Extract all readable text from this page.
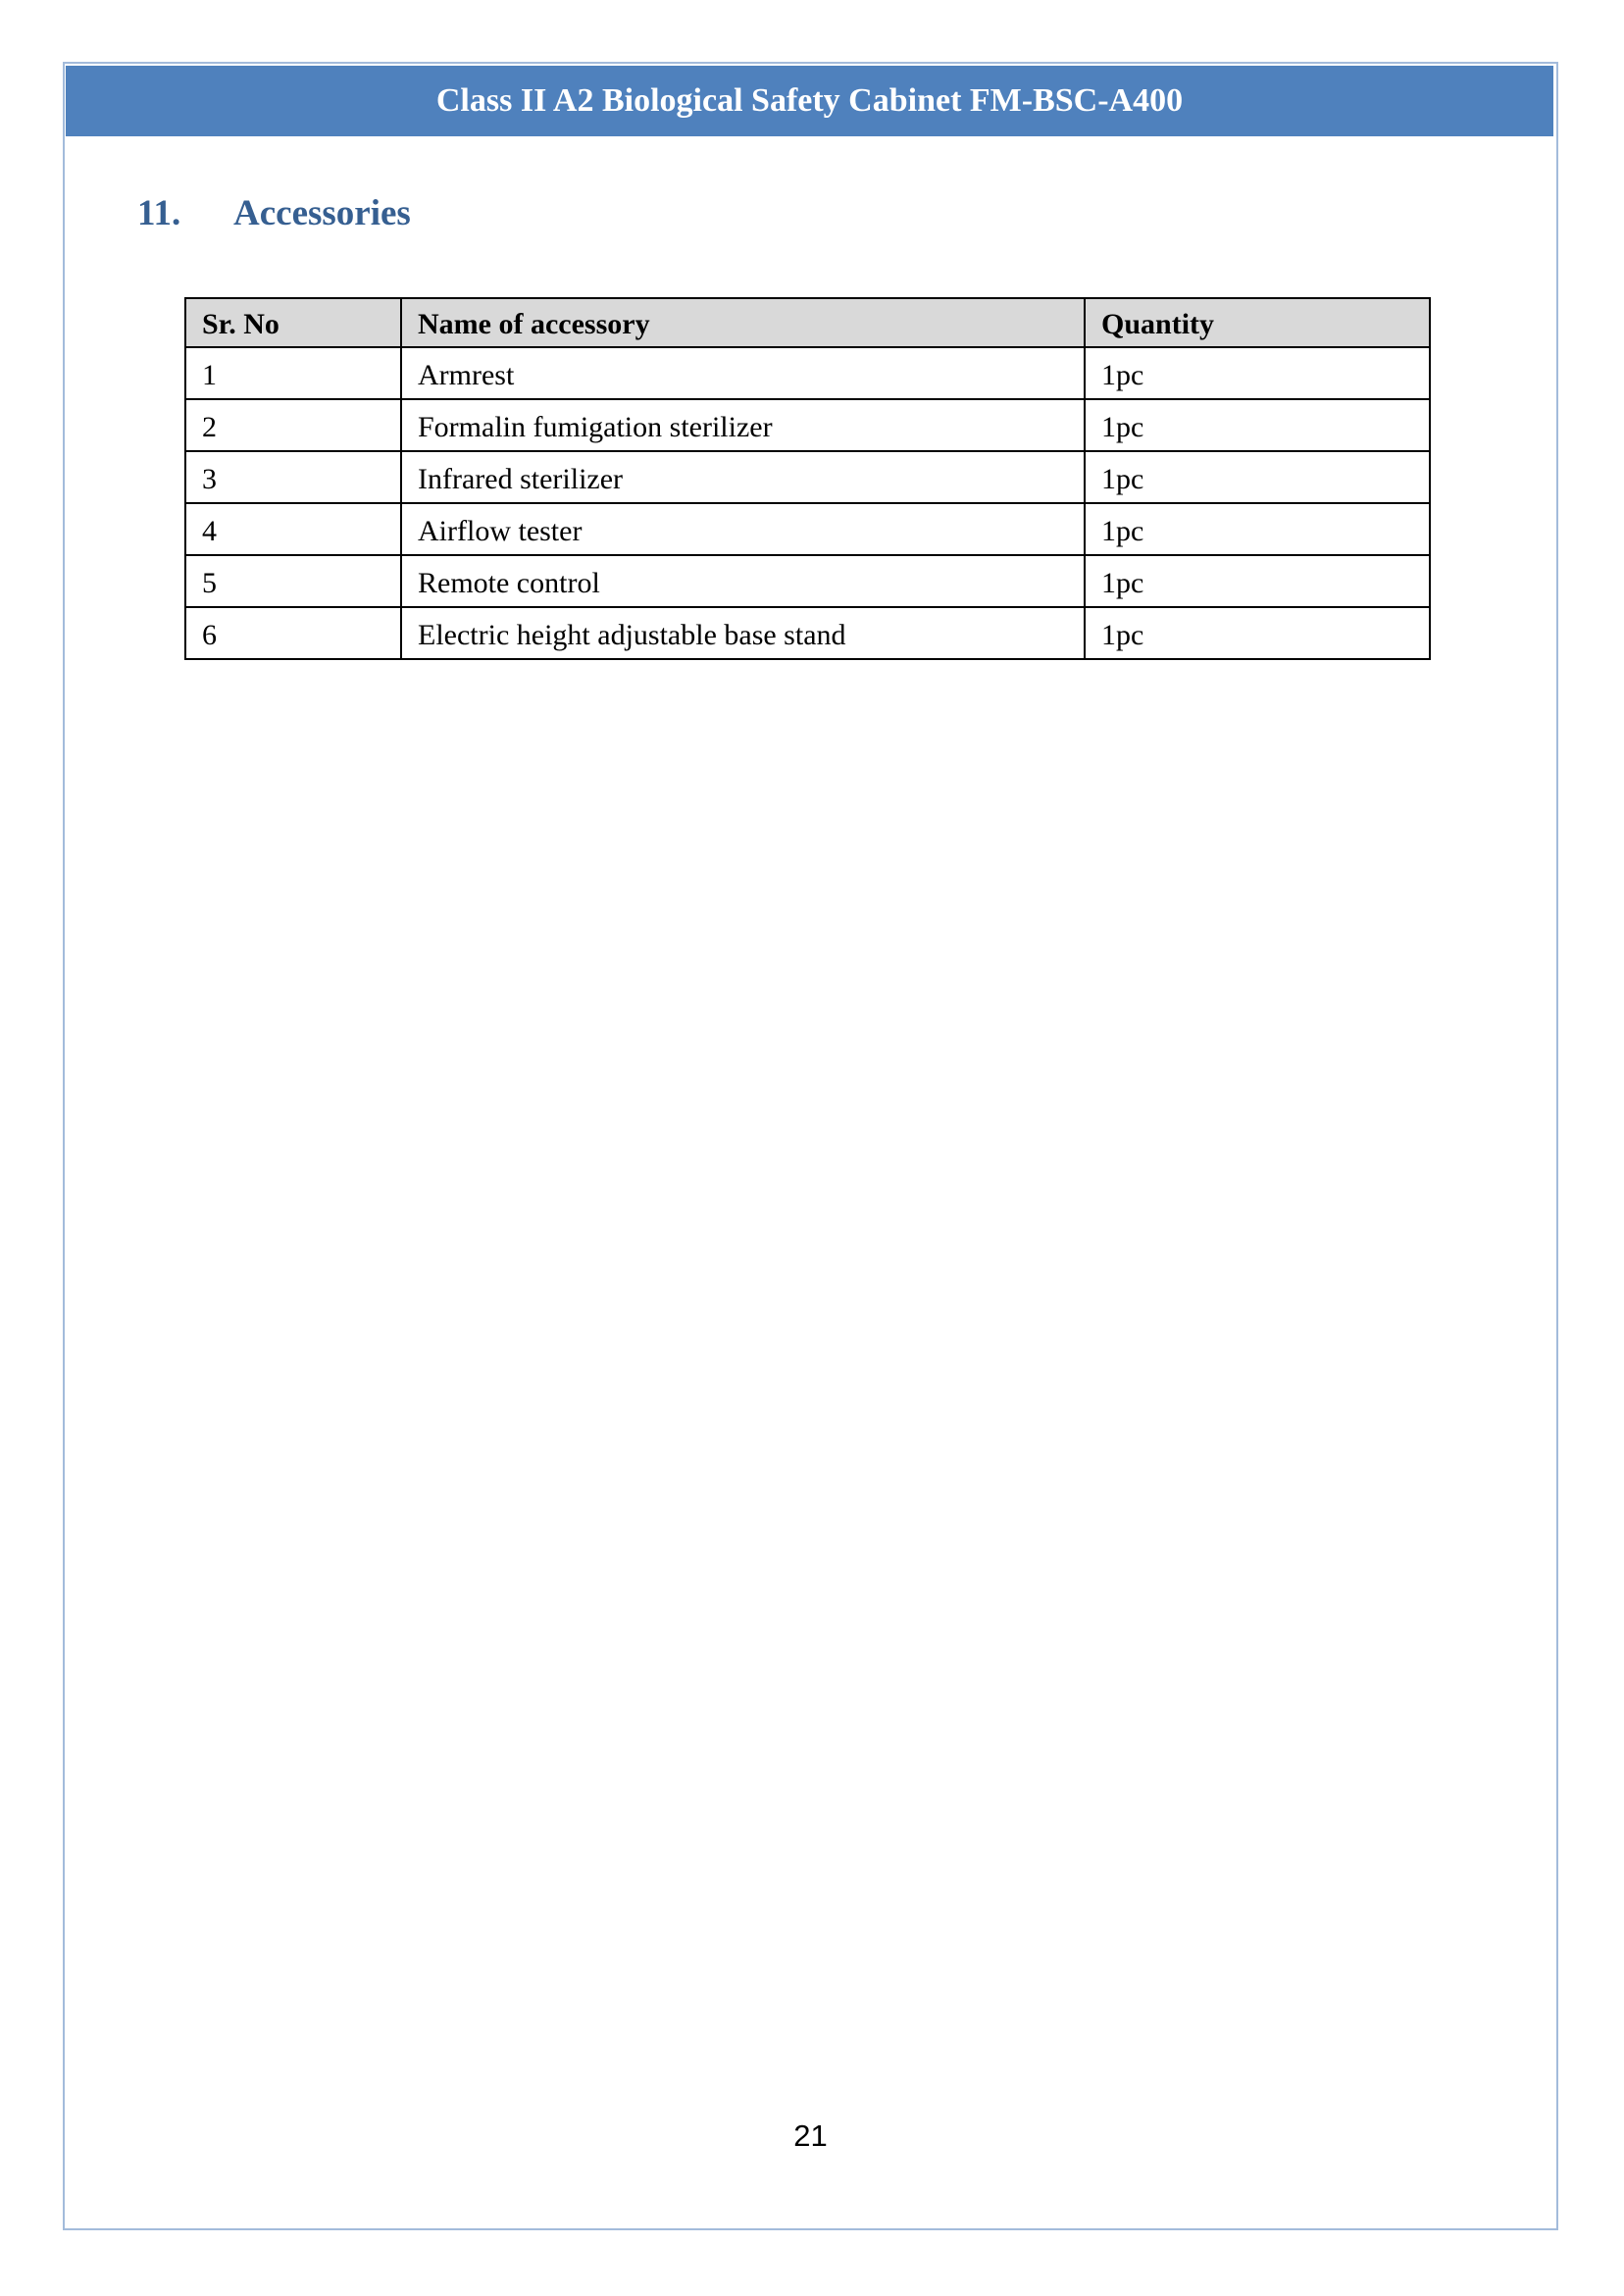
Class II A2 Biological Safety Cabinet FM-BSC-A400
11.	Accessories
Sr. No	Name of accessory	Quantity
1	Armrest	1pc
2	Formalin fumigation sterilizer	1pc
3	Infrared sterilizer	1pc
4	Airflow tester	1pc
5	Remote control	1pc
6	Electric height adjustable base stand	1pc
21
